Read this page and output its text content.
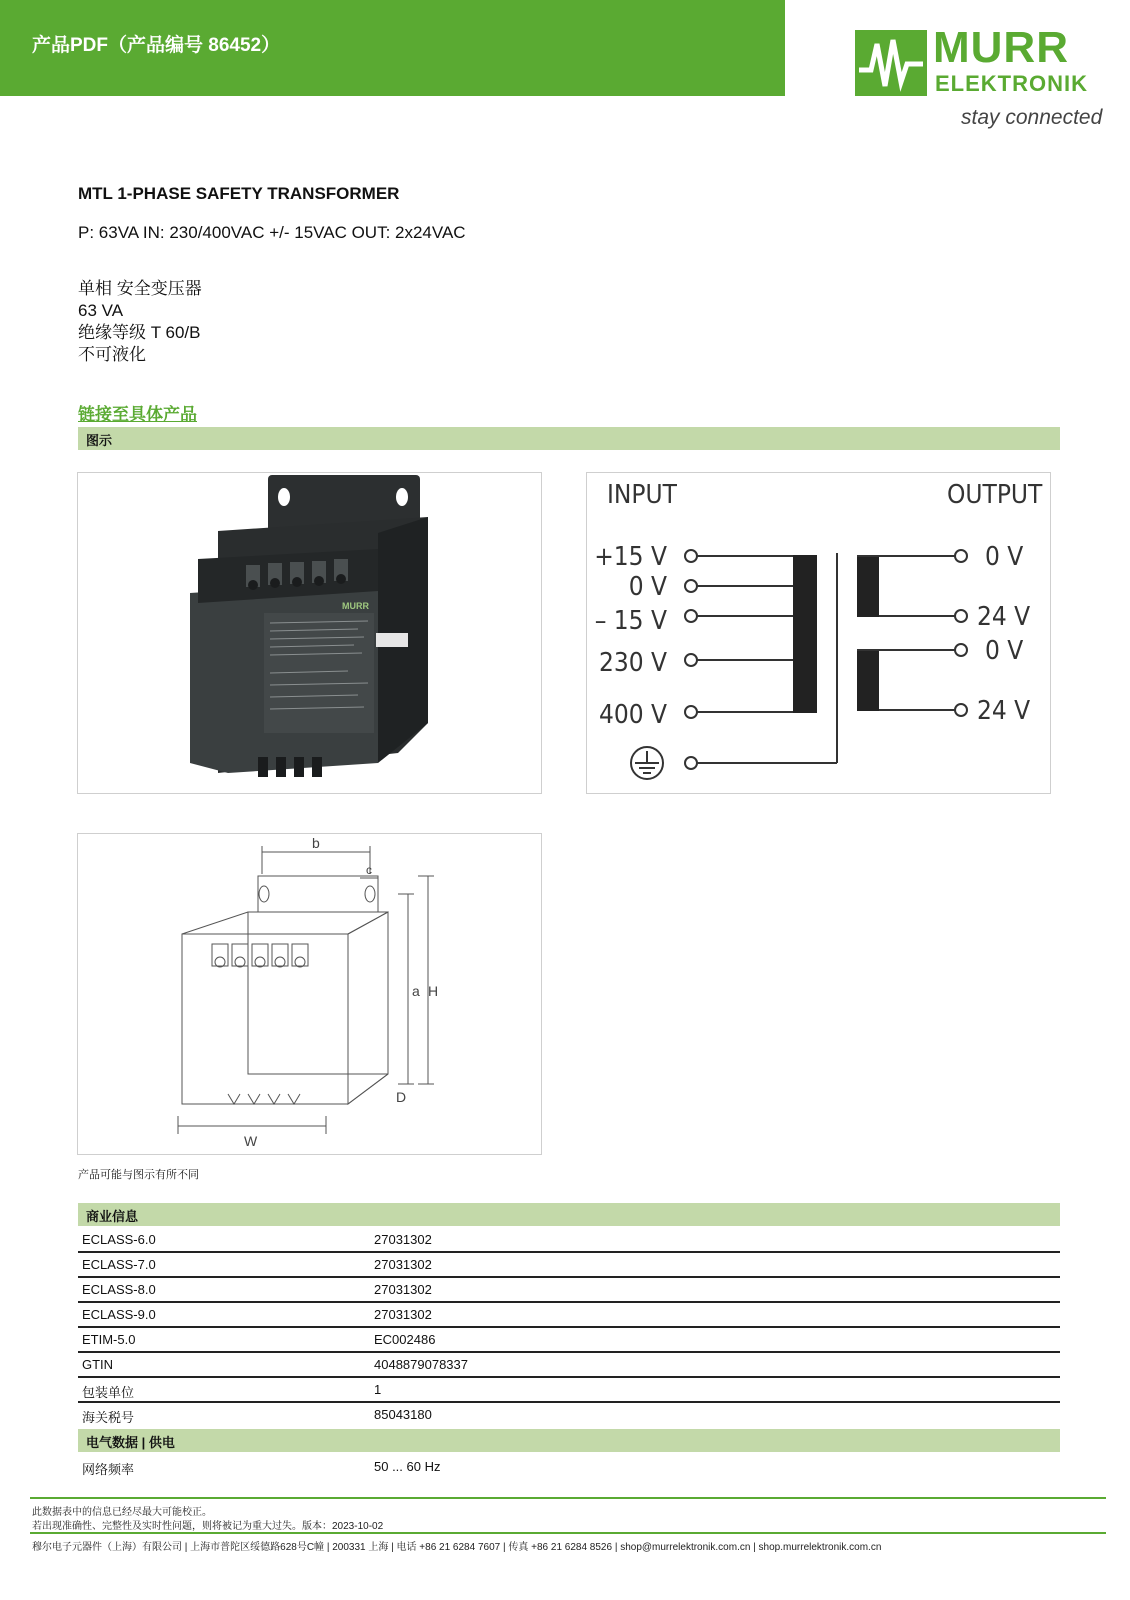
产品PDF（产品编号 86452）	MURR
ELEKTRONIK
stay connected
MTL 1-PHASE SAFETY TRANSFORMER
P: 63VA IN: 230/400VAC +/- 15VAC OUT: 2x24VAC
单相 安全变压器
63 VA
绝缘等级 T 60/B
不可液化
链接至具体产品
图示
MURR
INPUT	OUTPUT
+15 V
0 V
– 15 V
230 V
400 V
0 V
24 V
0 V
24 V
b
c
a H
D
W
产品可能与图示有所不同
商业信息
ECLASS-6.0	27031302
ECLASS-7.0	27031302
ECLASS-8.0	27031302
ECLASS-9.0	27031302
ETIM-5.0	EC002486
GTIN	4048879078337
包装单位	1
海关税号	85043180
电气数据 | 供电
网络频率	50 ... 60 Hz
此数据表中的信息已经尽最大可能校正。
若出现准确性、完整性及实时性问题，则将被记为重大过失。版本：2023-10-02
穆尔电子元器件（上海）有限公司 | 上海市普陀区绥德路628号C幢 | 200331 上海 | 电话 +86 21 6284 7607 | 传真 +86 21 6284 8526 | shop@murrelektronik.com.cn | shop.murrelektronik.com.cn
